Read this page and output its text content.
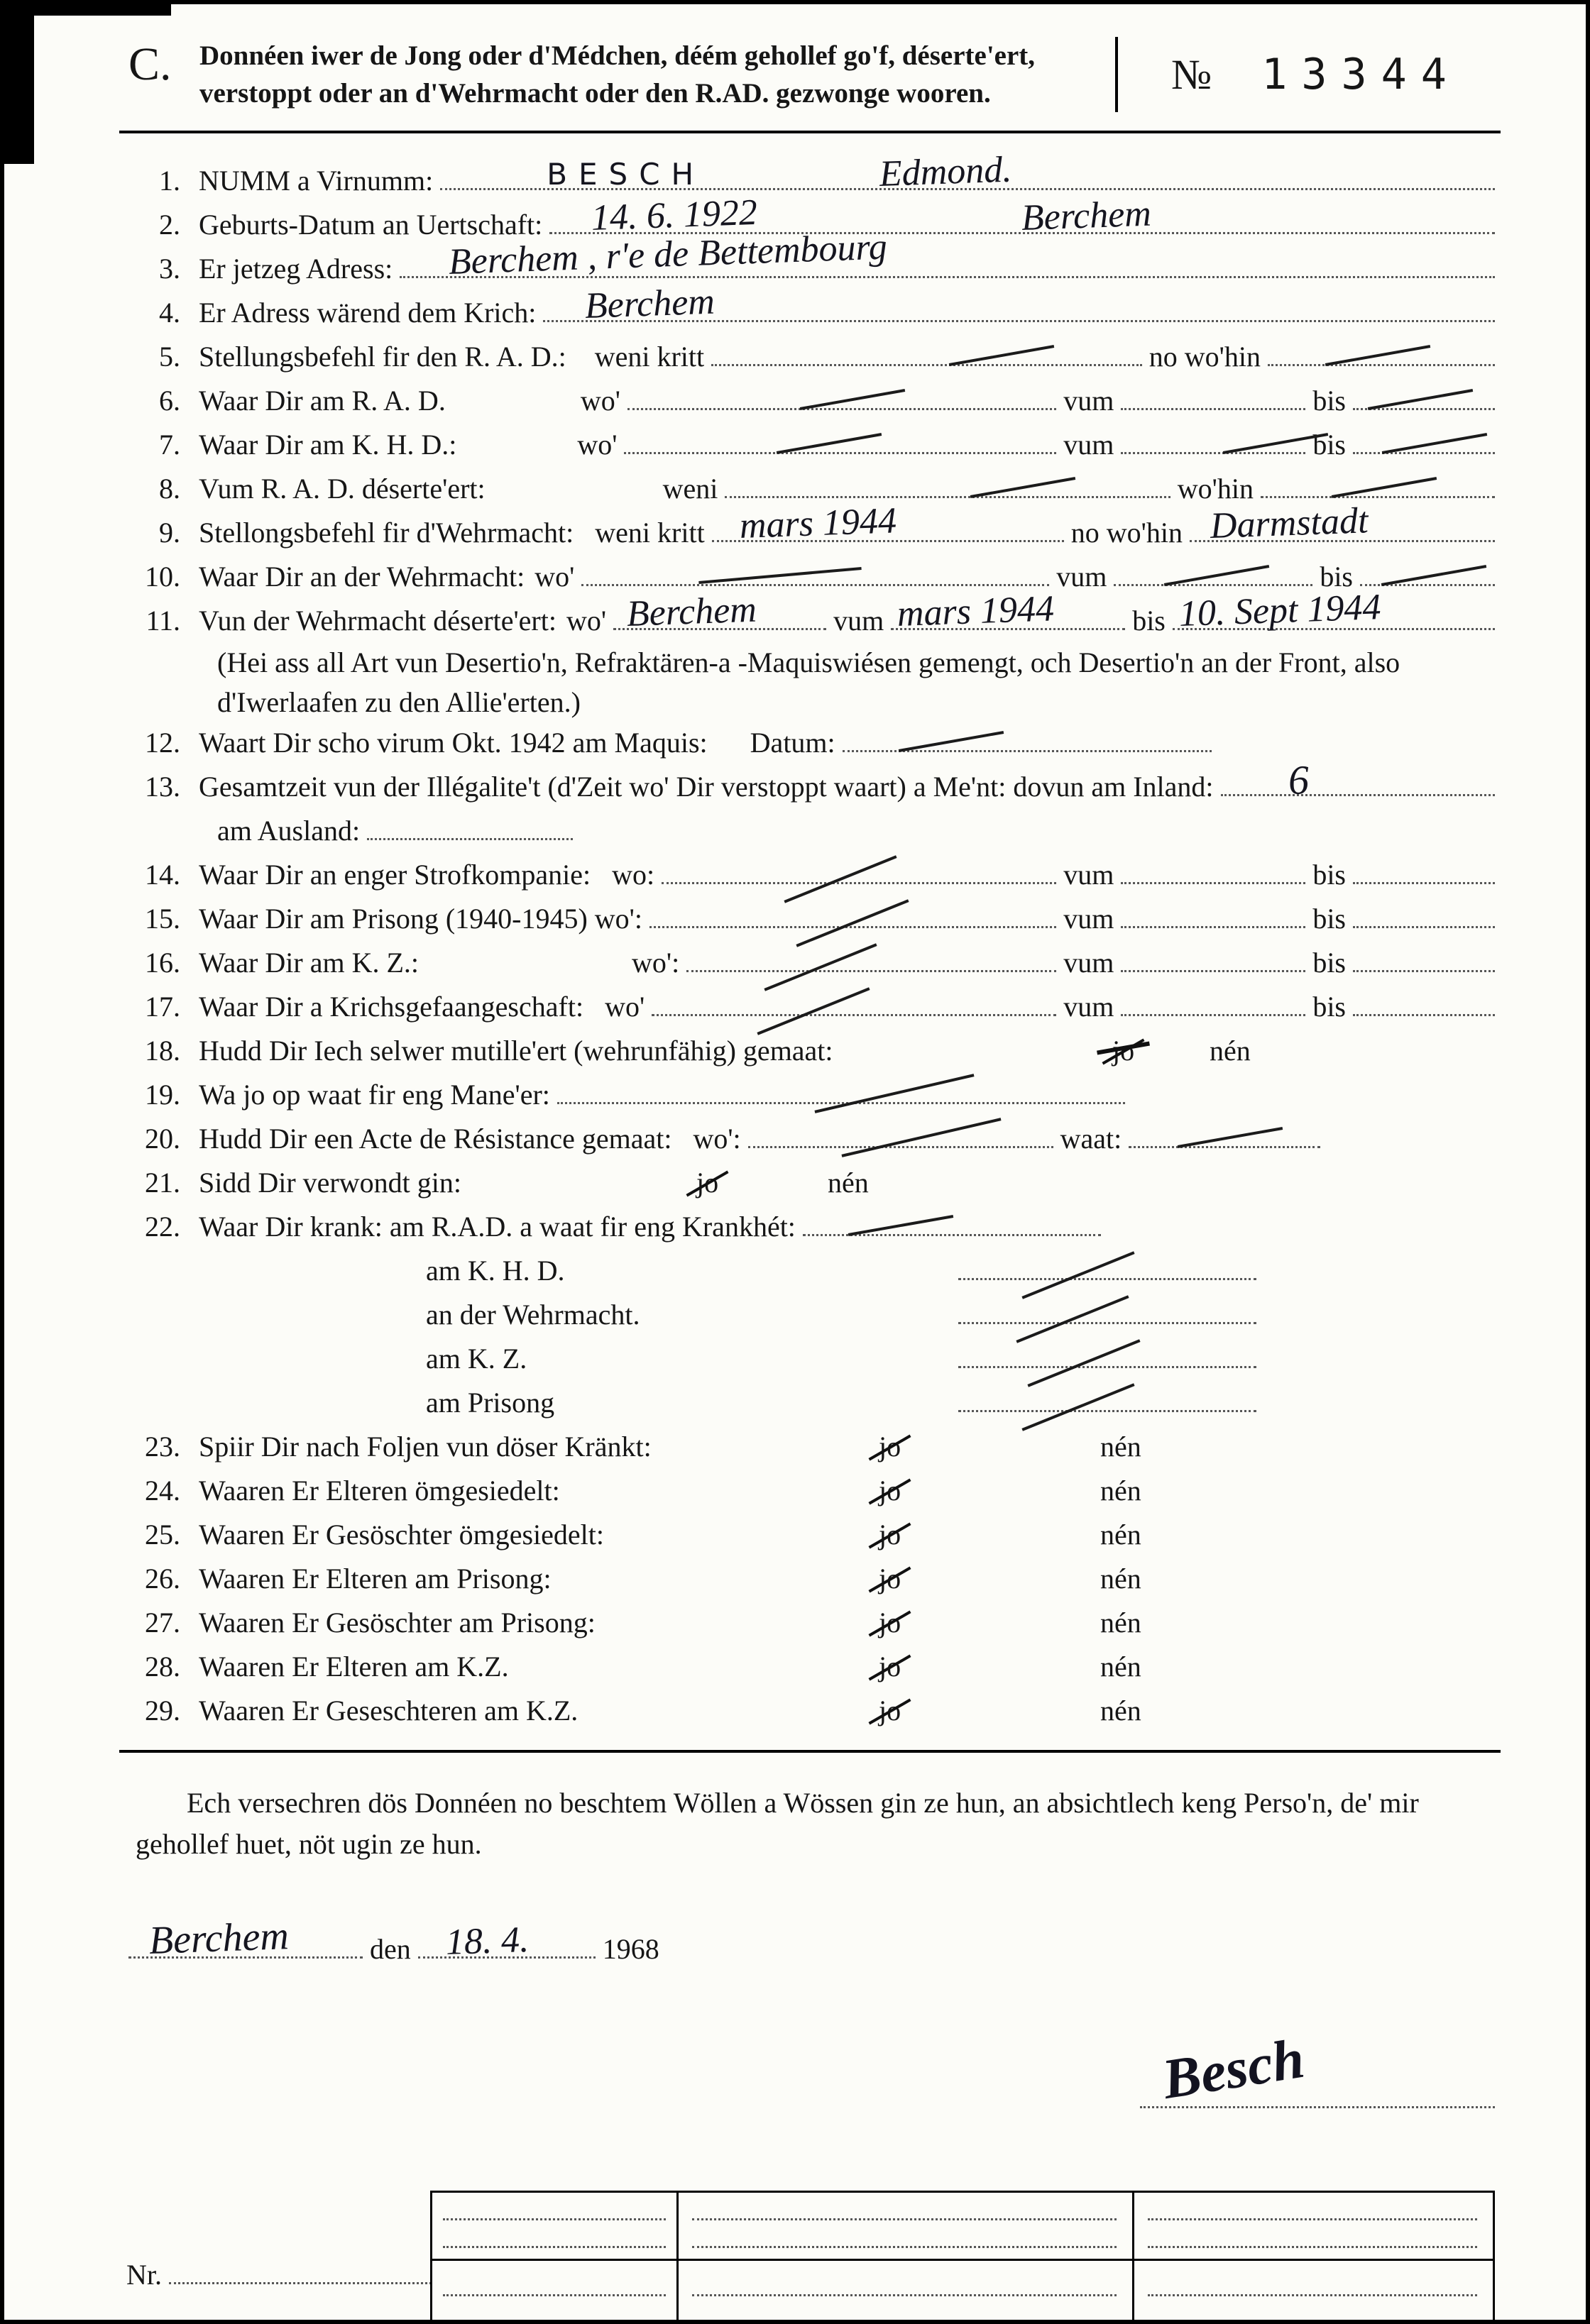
C.	Donnéen iwer de Jong oder d'Médchen, déém gehollef go'f, déserte'ert, verstoppt oder an d'Wehrmacht oder den R.AD. gezwonge wooren.	№ 13344
1. NUMM a Virnumm:	BESCH	Edmond.
2. Geburts-Datum an Uertschaft: 14. 6. 1922	Berchem
3. Er jetzeg Adress: Berchem , r'e de Bettembourg
4. Er Adress wärend dem Krich: Berchem
5. Stellungsbefehl fir den R. A. D.: weni kritt	no wo'hin
6. Waar Dir am R. A. D.	wo'	vum	bis
7. Waar Dir am K. H. D.:	wo'	vum	bis
8. Vum R. A. D. déserte'ert:	weni	wo'hin
9. Stellongsbefehl fir d'Wehrmacht: weni kritt mars 1944	no wo'hin Darmstadt
10. Waar Dir an der Wehrmacht: wo'	vum	bis
11. Vun der Wehrmacht déserte'ert: wo' Berchem	vum mars 1944	bis 10. Sept 1944
(Hei ass all Art vun Desertio'n, Refraktären-a -Maquiswiésen gemengt, och Desertio'n an der Front, also d'Iwerlaafen zu den Allie'erten.)
12. Waart Dir scho virum Okt. 1942 am Maquis: Datum:
13. Gesamtzeit vun der Illégalite't (d'Zeit wo' Dir verstoppt waart) a Me'nt: dovun am Inland: 6
am Ausland:
14. Waar Dir an enger Strofkompanie: wo:	vum	bis
15. Waar Dir am Prisong (1940-1945) wo':	vum	bis
16. Waar Dir am K. Z.:	wo':	vum	bis
17. Waar Dir a Krichsgefaangeschaft: wo'	vum	bis
18. Hudd Dir Iech selwer mutille'ert (wehrunfähig) gemaat:	jo	nén
19. Wa jo op waat fir eng Mane'er:
20. Hudd Dir een Acte de Résistance gemaat: wo':	waat:
21. Sidd Dir verwondt gin:	jo	nén
22. Waar Dir krank: am R.A.D. a waat fir eng Krankhét:
am K. H. D.
an der Wehrmacht.
am K. Z.
am Prisong
23. Spiir Dir nach Foljen vun döser Kränkt:	jo	nén
24. Waaren Er Elteren ömgesiedelt:	jo	nén
25. Waaren Er Gesöschter ömgesiedelt:	jo	nén
26. Waaren Er Elteren am Prisong:	jo	nén
27. Waaren Er Gesöschter am Prisong:	jo	nén
28. Waaren Er Elteren am K.Z.	jo	nén
29. Waaren Er Geseschteren am K.Z.	jo	nén
Ech versechren dös Donnéen no beschtem Wöllen a Wössen gin ze hun, an absichtlech keng Perso'n, de' mir gehollef huet, nöt ugin ze hun.
Berchem	den 18. 4.	1968
Besch
Nr.
